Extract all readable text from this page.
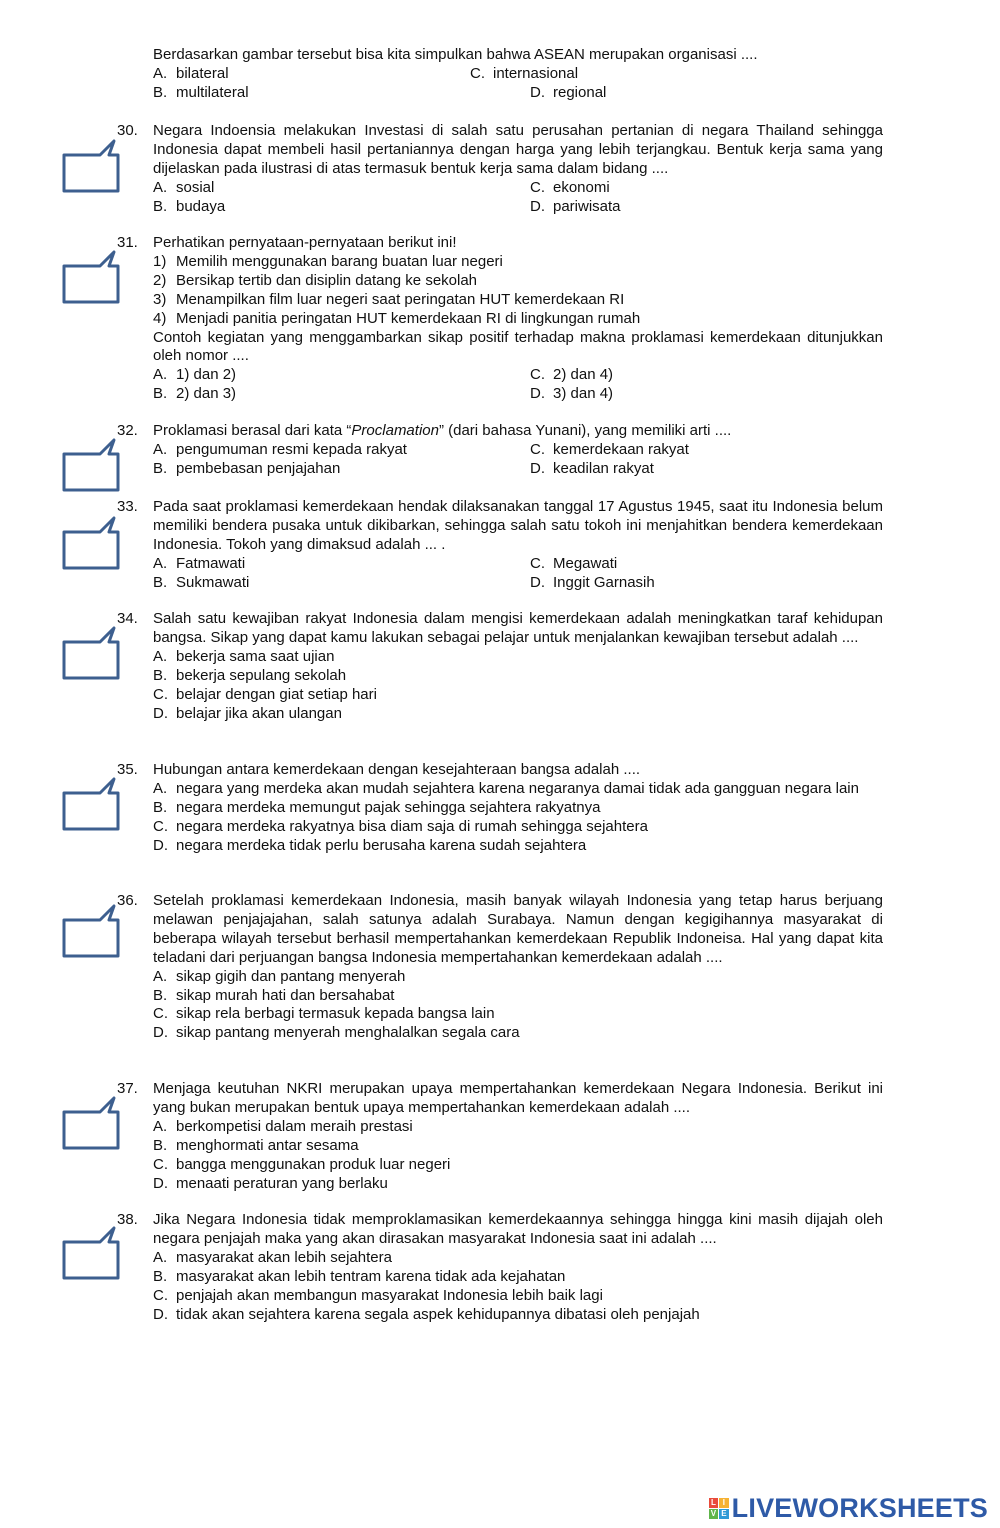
Berdasarkan gambar tersebut bisa kita simpulkan bahwa ASEAN merupakan organisasi ....
A. bilateral	C. internasional
B. multilateral	D. regional
30.	Negara Indoensia melakukan Investasi di salah satu perusahan pertanian di negara Thailand sehingga Indonesia dapat membeli hasil pertaniannya dengan harga yang lebih terjangkau. Bentuk kerja sama yang dijelaskan pada ilustrasi di atas termasuk bentuk kerja sama dalam bidang ....
A. sosial	C. ekonomi
B. budaya	D. pariwisata
31.	Perhatikan pernyataan-pernyataan berikut ini!
1) Memilih menggunakan barang buatan luar negeri
2) Bersikap tertib dan disiplin datang ke sekolah
3) Menampilkan film luar negeri saat peringatan HUT kemerdekaan RI
4) Menjadi panitia peringatan HUT kemerdekaan RI di lingkungan rumah
Contoh kegiatan yang menggambarkan sikap positif terhadap makna proklamasi kemerdekaan ditunjukkan oleh nomor ....
A. 1) dan 2)	C. 2) dan 4)
B. 2) dan 3)	D. 3) dan 4)
32.	Proklamasi berasal dari kata “Proclamation” (dari bahasa Yunani), yang memiliki arti ....
A. pengumuman resmi kepada rakyat	C. kemerdekaan rakyat
B. pembebasan penjajahan	D. keadilan rakyat
33.	Pada saat proklamasi kemerdekaan hendak dilaksanakan tanggal 17 Agustus 1945, saat itu Indonesia belum memiliki bendera pusaka untuk dikibarkan, sehingga salah satu tokoh ini menjahitkan bendera kemerdekaan Indonesia. Tokoh yang dimaksud adalah ... .
A. Fatmawati	C. Megawati
B. Sukmawati	D. Inggit Garnasih
34.	Salah satu kewajiban rakyat Indonesia dalam mengisi kemerdekaan adalah meningkatkan taraf kehidupan bangsa. Sikap yang dapat kamu lakukan sebagai pelajar untuk menjalankan kewajiban tersebut adalah ....
A. bekerja sama saat ujian
B. bekerja sepulang sekolah
C. belajar dengan giat setiap hari
D. belajar jika akan ulangan
35.	Hubungan antara kemerdekaan dengan kesejahteraan bangsa adalah ....
A. negara yang merdeka akan mudah sejahtera karena negaranya damai tidak ada gangguan negara lain
B. negara merdeka memungut pajak sehingga sejahtera rakyatnya
C. negara merdeka rakyatnya bisa diam saja di rumah sehingga sejahtera
D. negara merdeka tidak perlu berusaha karena sudah sejahtera
36.	Setelah proklamasi kemerdekaan Indonesia, masih banyak wilayah Indonesia yang tetap harus berjuang melawan penjajajahan, salah satunya adalah Surabaya. Namun dengan kegigihannya masyarakat di beberapa wilayah tersebut berhasil mempertahankan kemerdekaan Republik Indoneisa. Hal yang dapat kita teladani dari perjuangan bangsa Indonesia mempertahankan kemerdekaan adalah ....
A. sikap gigih dan pantang menyerah
B. sikap murah hati dan bersahabat
C. sikap rela berbagi termasuk kepada bangsa lain
D. sikap pantang menyerah menghalalkan segala cara
37.	Menjaga keutuhan NKRI merupakan upaya mempertahankan kemerdekaan Negara Indonesia. Berikut ini yang bukan merupakan bentuk upaya mempertahankan kemerdekaan adalah ....
A. berkompetisi dalam meraih prestasi
B. menghormati antar sesama
C. bangga menggunakan produk luar negeri
D. menaati peraturan yang berlaku
38.	Jika Negara Indonesia tidak memproklamasikan kemerdekaannya sehingga hingga kini masih dijajah oleh negara penjajah maka yang akan dirasakan masyarakat Indonesia saat ini adalah ....
A. masyarakat akan lebih sejahtera
B. masyarakat akan lebih tentram karena tidak ada kejahatan
C. penjajah akan membangun masyarakat Indonesia lebih baik lagi
D. tidak akan sejahtera karena segala aspek kehidupannya dibatasi oleh penjajah
L I
V E LIVEWORKSHEETS
